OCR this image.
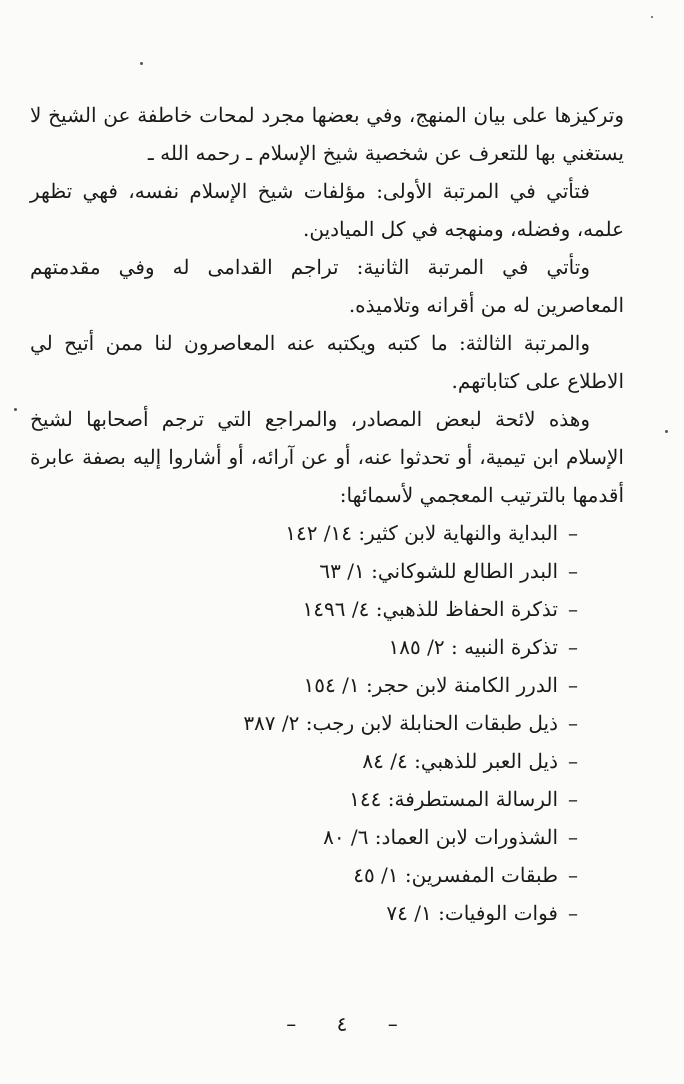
وتركيزها على بيان المنهج، وفي بعضها مجرد لمحات خاطفة عن الشيخ لا يستغني بها للتعرف عن شخصية شيخ الإسلام ـ رحمه الله ـ

فتأتي في المرتبة الأولى: مؤلفات شيخ الإسلام نفسه، فهي تظهر علمه، وفضله، ومنهجه في كل الميادين.

وتأتي في المرتبة الثانية: تراجم القدامى له وفي مقدمتهم المعاصرين له من أقرانه وتلاميذه.

والمرتبة الثالثة: ما كتبه ويكتبه عنه المعاصرون لنا ممن أتيح لي الاطلاع على كتاباتهم.

وهذه لائحة لبعض المصادر، والمراجع التي ترجم أصحابها لشيخ الإسلام ابن تيمية، أو تحدثوا عنه، أو عن آرائه، أو أشاروا إليه بصفة عابرة أقدمها بالترتيب المعجمي لأسمائها:

–البداية والنهاية لابن كثير: ١٤/ ١٤٢
–البدر الطالع للشوكاني: ١/ ٦٣
–تذكرة الحفاظ للذهبي: ٤/ ١٤٩٦
–تذكرة النبيه : ٢/ ١٨٥
–الدرر الكامنة لابن حجر: ١/ ١٥٤
–ذيل طبقات الحنابلة لابن رجب: ٢/ ٣٨٧
–ذيل العبر للذهبي: ٤/ ٨٤
–الرسالة المستطرفة: ١٤٤
–الشذورات لابن العماد: ٦/ ٨٠
–طبقات المفسرين: ١/ ٤٥
–فوات الوفيات: ١/ ٧٤
– ٤ –
